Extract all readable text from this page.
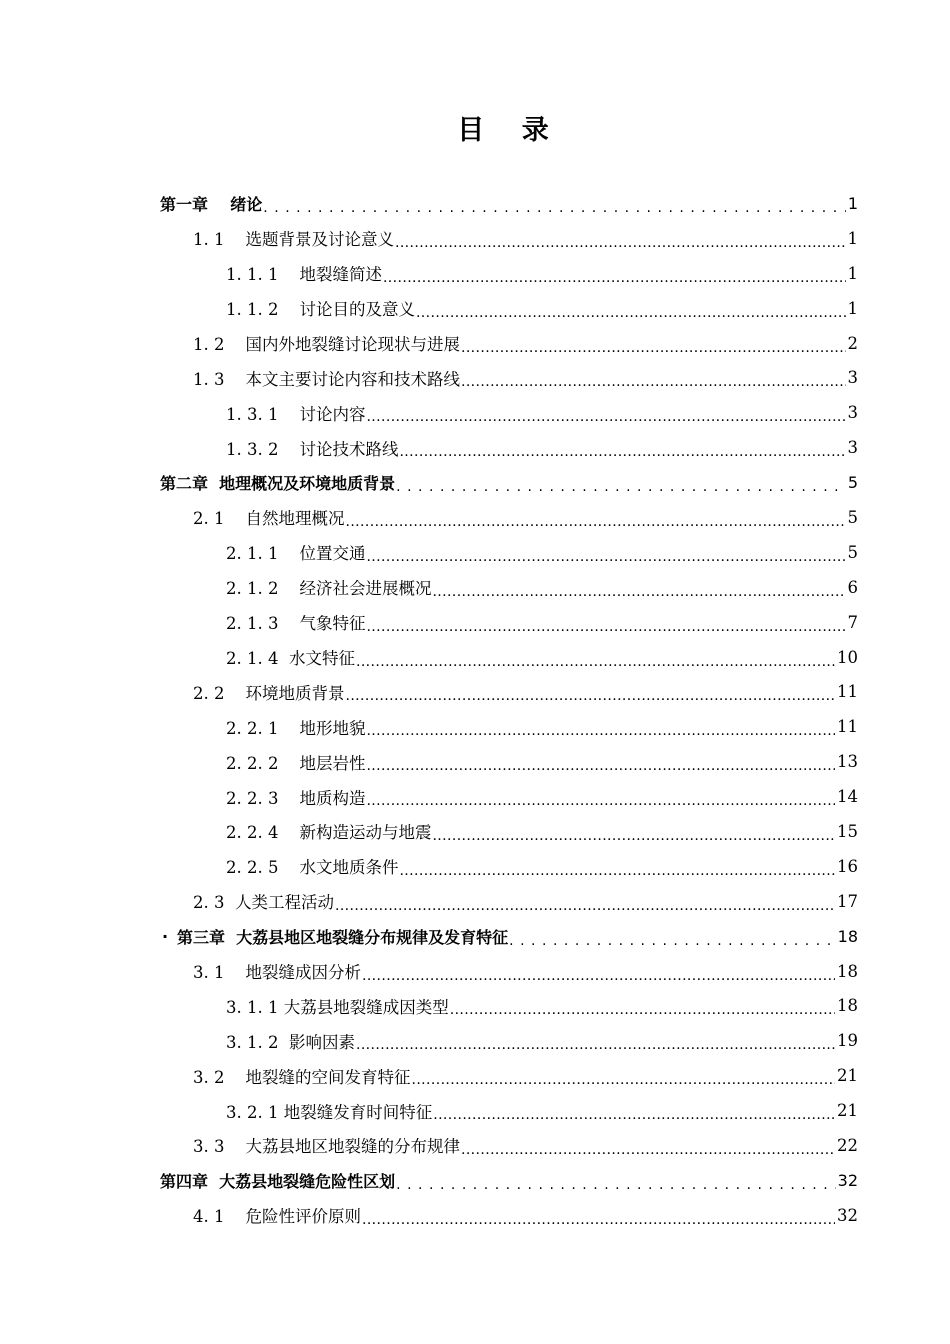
目 录
第一章    绪论 .....	1
1. 1    选题背景及讨论意义 .....	1
1. 1. 1    地裂缝简述 .....	1
1. 1. 2    讨论目的及意义 .....	1
1. 2    国内外地裂缝讨论现状与进展 .....	2
1. 3    本文主要讨论内容和技术路线 .....	3
1. 3. 1    讨论内容 .....	3
1. 3. 2    讨论技术路线 .....	3
第二章  地理概况及环境地质背景 .....	5
2. 1    自然地理概况 .....	5
2. 1. 1    位置交通 .....	5
2. 1. 2    经济社会进展概况 .....	6
2. 1. 3    气象特征 .....	7
2. 1. 4  水文特征 .....	10
2. 2    环境地质背景 .....	11
2. 2. 1    地形地貌 .....	11
2. 2. 2    地层岩性 .....	13
2. 2. 3    地质构造 .....	14
2. 2. 4    新构造运动与地震 .....	15
2. 2. 5    水文地质条件 .....	16
2. 3  人类工程活动 .....	17
· 第三章  大荔县地区地裂缝分布规律及发育特征 .....	18
3. 1    地裂缝成因分析 .....	18
3. 1. 1 大荔县地裂缝成因类型 .....	18
3. 1. 2  影响因素 .....	19
3. 2    地裂缝的空间发育特征 .....	21
3. 2. 1 地裂缝发育时间特征 .....	21
3. 3    大荔县地区地裂缝的分布规律 .....	22
第四章  大荔县地裂缝危险性区划 .....	32
4. 1    危险性评价原则 .....	32
